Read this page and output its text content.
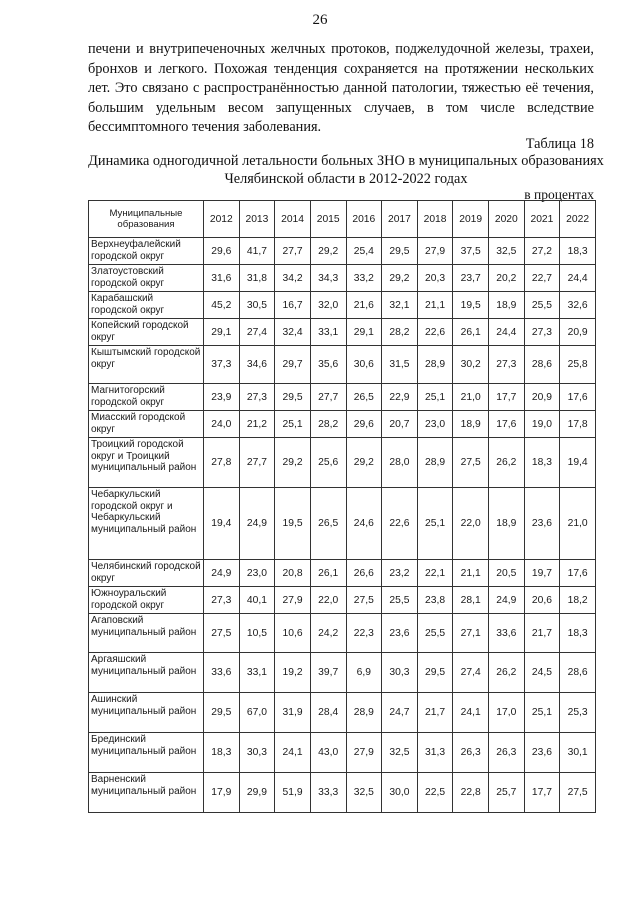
26

печени и внутрипеченочных желчных протоков, поджелудочной железы, трахеи, бронхов и легкого. Похожая тенденция сохраняется на протяжении нескольких лет. Это связано с распространённостью данной патологии, тяжестью её течения, большим удельным весом запущенных случаев, в том числе вследствие бессимптомного течения заболевания.

Таблица 18
Динамика одногодичной летальности больных ЗНО в муниципальных образованиях Челябинской области в 2012-2022 годах
в процентах
Муниципальные образования	2012	2013	2014	2015	2016	2017	2018	2019	2020	2021	2022
Верхнеуфалейский городской округ	29,6	41,7	27,7	29,2	25,4	29,5	27,9	37,5	32,5	27,2	18,3
Златоустовский городской округ	31,6	31,8	34,2	34,3	33,2	29,2	20,3	23,7	20,2	22,7	24,4
Карабашский городской округ	45,2	30,5	16,7	32,0	21,6	32,1	21,1	19,5	18,9	25,5	32,6
Копейский городской округ	29,1	27,4	32,4	33,1	29,1	28,2	22,6	26,1	24,4	27,3	20,9
Кыштымский городской округ	37,3	34,6	29,7	35,6	30,6	31,5	28,9	30,2	27,3	28,6	25,8
Магнитогорский городской округ	23,9	27,3	29,5	27,7	26,5	22,9	25,1	21,0	17,7	20,9	17,6
Миасский городской округ	24,0	21,2	25,1	28,2	29,6	20,7	23,0	18,9	17,6	19,0	17,8
Троицкий городской округ и Троицкий муниципальный район	27,8	27,7	29,2	25,6	29,2	28,0	28,9	27,5	26,2	18,3	19,4
Чебаркульский городской округ и Чебаркульский муниципальный район	19,4	24,9	19,5	26,5	24,6	22,6	25,1	22,0	18,9	23,6	21,0
Челябинский городской округ	24,9	23,0	20,8	26,1	26,6	23,2	22,1	21,1	20,5	19,7	17,6
Южноуральский городской округ	27,3	40,1	27,9	22,0	27,5	25,5	23,8	28,1	24,9	20,6	18,2
Агаповский муниципальный район	27,5	10,5	10,6	24,2	22,3	23,6	25,5	27,1	33,6	21,7	18,3
Аргаяшский муниципальный район	33,6	33,1	19,2	39,7	6,9	30,3	29,5	27,4	26,2	24,5	28,6
Ашинский муниципальный район	29,5	67,0	31,9	28,4	28,9	24,7	21,7	24,1	17,0	25,1	25,3
Брединский муниципальный район	18,3	30,3	24,1	43,0	27,9	32,5	31,3	26,3	26,3	23,6	30,1
Варненский муниципальный район	17,9	29,9	51,9	33,3	32,5	30,0	22,5	22,8	25,7	17,7	27,5
